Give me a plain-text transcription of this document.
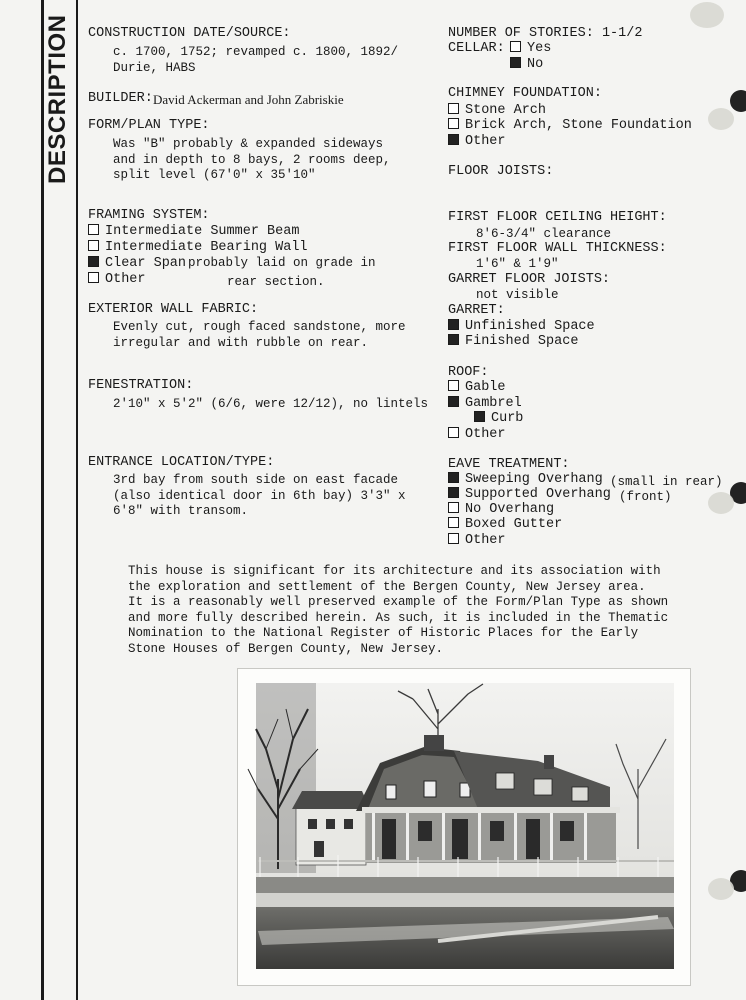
DESCRIPTION	CONSTRUCTION DATE/SOURCE:
c. 1700, 1752; revamped c. 1800, 1892/
Durie, HABS
BUILDER: David Ackerman and John Zabriskie
FORM/PLAN TYPE:
Was "B" probably & expanded sideways
and in depth to 8 bays, 2 rooms deep,
split level (67'0" x 35'10"
FRAMING SYSTEM:
Intermediate Summer Beam
Intermediate Bearing Wall
Clear Span probably laid on grade in
Other	rear section.
EXTERIOR WALL FABRIC:
Evenly cut, rough faced sandstone, more
irregular and with rubble on rear.
FENESTRATION:
2'10" x 5'2" (6/6, were 12/12), no lintels
ENTRANCE LOCATION/TYPE:
3rd bay from south side on east facade
(also identical door in 6th bay) 3'3" x
6'8" with transom.
NUMBER OF STORIES: 1-1/2
CELLAR:	Yes
No
CHIMNEY FOUNDATION:
Stone Arch
Brick Arch, Stone Foundation
Other
FLOOR JOISTS:
FIRST FLOOR CEILING HEIGHT:
8'6-3/4" clearance
FIRST FLOOR WALL THICKNESS:
1'6" & 1'9"
GARRET FLOOR JOISTS:
not visible
GARRET:
Unfinished Space
Finished Space
ROOF:
Gable
Gambrel
Curb
Other
EAVE TREATMENT:
Sweeping Overhang (small in rear)
Supported Overhang (front)
No Overhang
Boxed Gutter
Other
This house is significant for its architecture and its association with
the exploration and settlement of the Bergen County, New Jersey area.
It is a reasonably well preserved example of the Form/Plan Type as shown
and more fully described herein. As such, it is included in the Thematic
Nomination to the National Register of Historic Places for the Early
Stone Houses of Bergen County, New Jersey.
